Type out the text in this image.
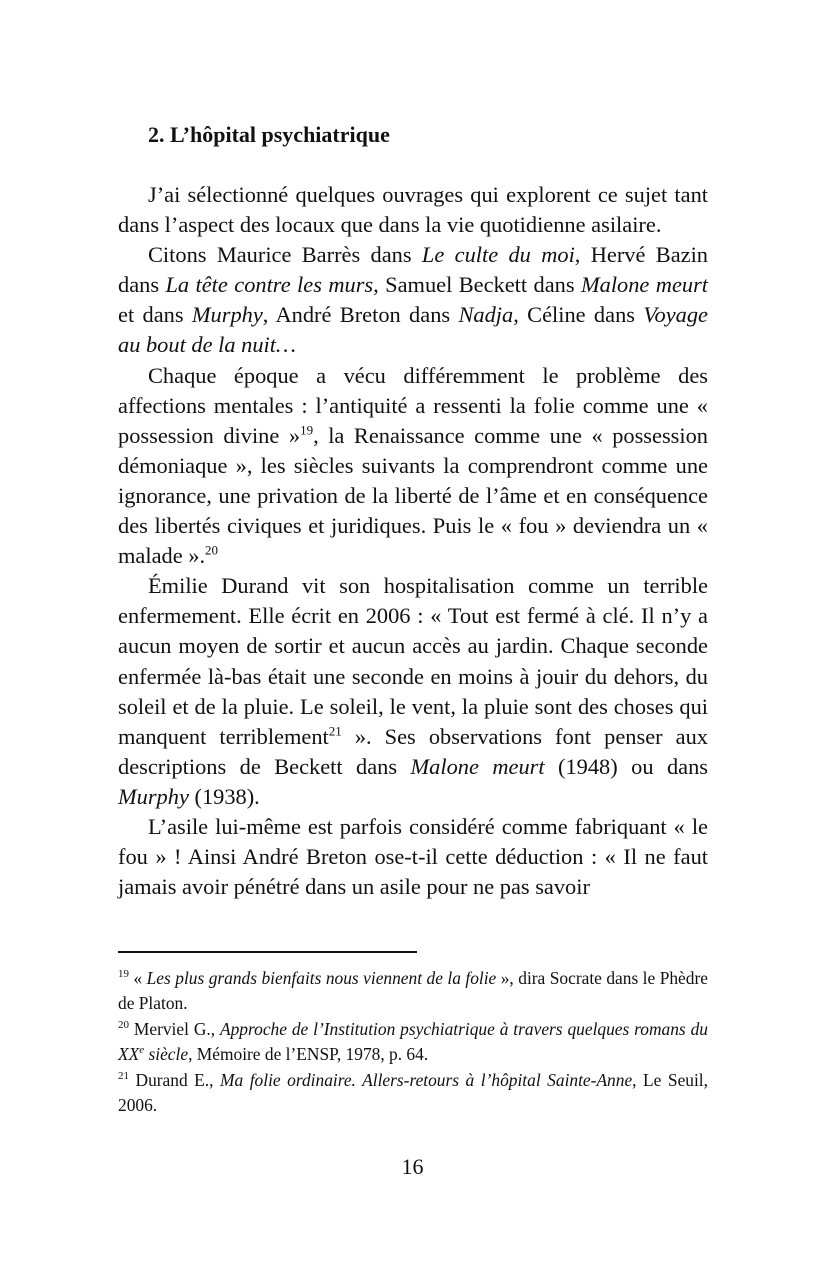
2. L’hôpital psychiatrique

J’ai sélectionné quelques ouvrages qui explorent ce sujet tant dans l’aspect des locaux que dans la vie quotidienne asilaire.

Citons Maurice Barrès dans Le culte du moi, Hervé Bazin dans La tête contre les murs, Samuel Beckett dans Malone meurt et dans Murphy, André Breton dans Nadja, Céline dans Voyage au bout de la nuit…

Chaque époque a vécu différemment le problème des affections mentales : l’antiquité a ressenti la folie comme une « possession divine »$^{19}$, la Renaissance comme une « possession démoniaque », les siècles suivants la comprendront comme une ignorance, une privation de la liberté de l’âme et en conséquence des libertés civiques et juridiques. Puis le « fou » deviendra un « malade ».$^{20}$

Émilie Durand vit son hospitalisation comme un terrible enfermement. Elle écrit en 2006 : « Tout est fermé à clé. Il n’y a aucun moyen de sortir et aucun accès au jardin. Chaque seconde enfermée là-bas était une seconde en moins à jouir du dehors, du soleil et de la pluie. Le soleil, le vent, la pluie sont des choses qui manquent terriblement$^{21}$ ». Ses observations font penser aux descriptions de Beckett dans Malone meurt (1948) ou dans Murphy (1938).

L’asile lui-même est parfois considéré comme fabriquant « le fou » ! Ainsi André Breton ose-t-il cette déduction : « Il ne faut jamais avoir pénétré dans un asile pour ne pas savoir

$^{19}$ « Les plus grands bienfaits nous viennent de la folie », dira Socrate dans le Phèdre de Platon.

$^{20}$ Merviel G., Approche de l’Institution psychiatrique à travers quelques romans du XXe siècle, Mémoire de l’ENSP, 1978, p. 64.

$^{21}$ Durand E., Ma folie ordinaire. Allers-retours à l’hôpital Sainte-Anne, Le Seuil, 2006.

16
